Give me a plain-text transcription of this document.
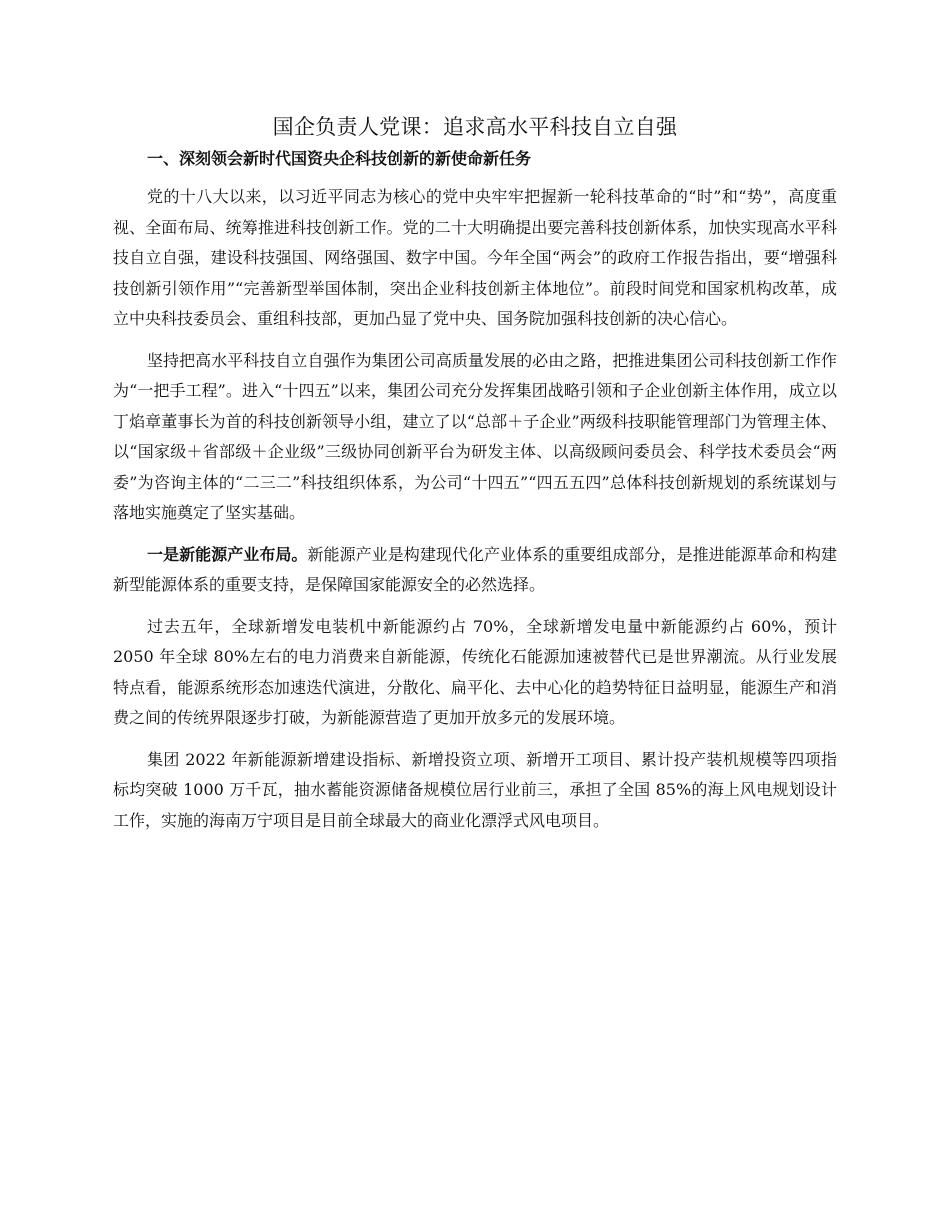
国企负责人党课：追求高水平科技自立自强
一、深刻领会新时代国资央企科技创新的新使命新任务

党的十八大以来，以习近平同志为核心的党中央牢牢把握新一轮科技革命的“时”和“势”，高度重视、全面布局、统筹推进科技创新工作。党的二十大明确提出要完善科技创新体系，加快实现高水平科技自立自强，建设科技强国、网络强国、数字中国。今年全国“两会”的政府工作报告指出，要“增强科技创新引领作用”“完善新型举国体制，突出企业科技创新主体地位”。前段时间党和国家机构改革，成立中央科技委员会、重组科技部，更加凸显了党中央、国务院加强科技创新的决心信心。

坚持把高水平科技自立自强作为集团公司高质量发展的必由之路，把推进集团公司科技创新工作作为“一把手工程”。进入“十四五”以来，集团公司充分发挥集团战略引领和子企业创新主体作用，成立以丁焰章董事长为首的科技创新领导小组，建立了以“总部＋子企业”两级科技职能管理部门为管理主体、以“国家级＋省部级＋企业级”三级协同创新平台为研发主体、以高级顾问委员会、科学技术委员会“两委”为咨询主体的“二三二”科技组织体系，为公司“十四五”“四五五四”总体科技创新规划的系统谋划与落地实施奠定了坚实基础。

一是新能源产业布局。新能源产业是构建现代化产业体系的重要组成部分，是推进能源革命和构建新型能源体系的重要支持，是保障国家能源安全的必然选择。

过去五年，全球新增发电装机中新能源约占 70%，全球新增发电量中新能源约占 60%，预计 2050 年全球 80%左右的电力消费来自新能源，传统化石能源加速被替代已是世界潮流。从行业发展特点看，能源系统形态加速迭代演进，分散化、扁平化、去中心化的趋势特征日益明显，能源生产和消费之间的传统界限逐步打破，为新能源营造了更加开放多元的发展环境。

集团 2022 年新能源新增建设指标、新增投资立项、新增开工项目、累计投产装机规模等四项指标均突破 1000 万千瓦，抽水蓄能资源储备规模位居行业前三，承担了全国 85%的海上风电规划设计工作，实施的海南万宁项目是目前全球最大的商业化漂浮式风电项目。
